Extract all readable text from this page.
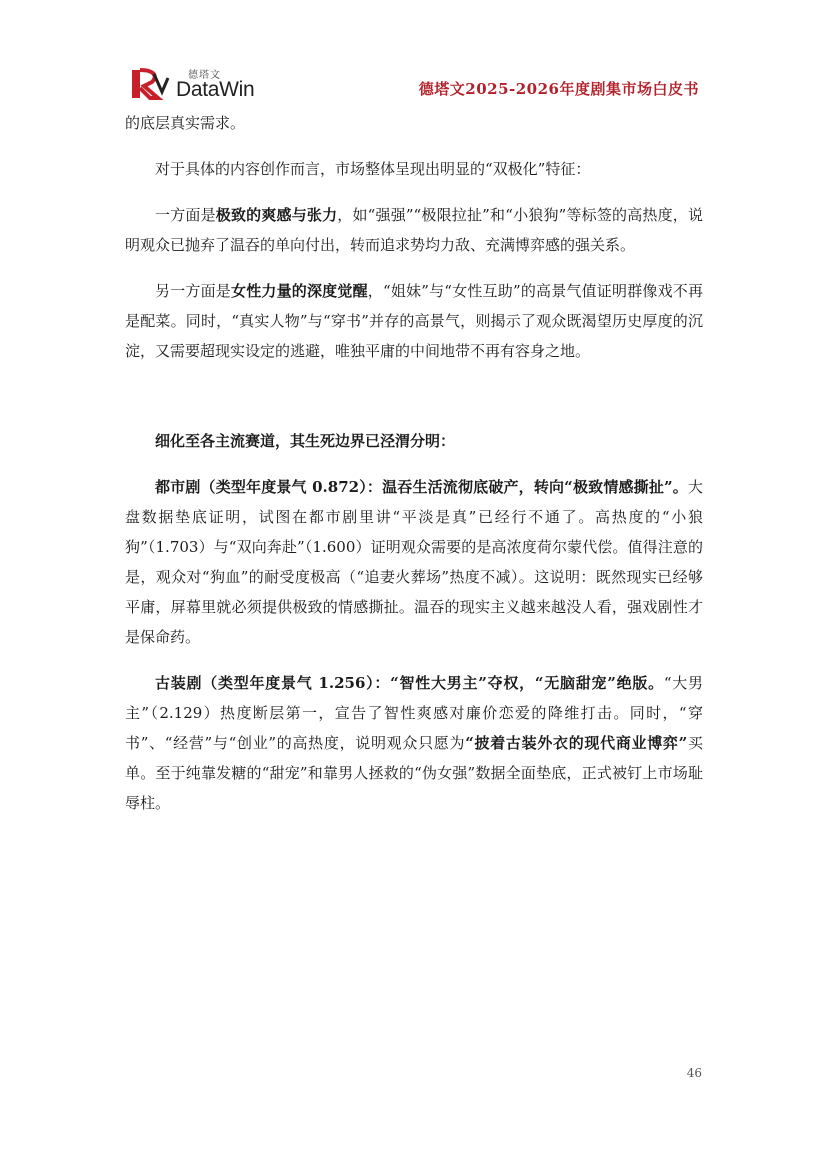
德塔文
DataWin	德塔文2025-2026年度剧集市场白皮书

的底层真实需求。

对于具体的内容创作而言，市场整体呈现出明显的“双极化”特征：

一方面是极致的爽感与张力，如“强强”“极限拉扯”和“小狼狗”等标签的高热度，说明观众已抛弃了温吞的单向付出，转而追求势均力敌、充满博弈感的强关系。

另一方面是女性力量的深度觉醒，“姐妹”与“女性互助”的高景气值证明群像戏不再是配菜。同时，“真实人物”与“穿书”并存的高景气，则揭示了观众既渴望历史厚度的沉淀，又需要超现实设定的逃避，唯独平庸的中间地带不再有容身之地。

细化至各主流赛道，其生死边界已泾渭分明：

都市剧（类型年度景气 0.872）：温吞生活流彻底破产，转向“极致情感撕扯”。大盘数据垫底证明，试图在都市剧里讲“平淡是真”已经行不通了。高热度的“小狼狗”（1.703）与“双向奔赴”（1.600）证明观众需要的是高浓度荷尔蒙代偿。值得注意的是，观众对“狗血”的耐受度极高（“追妻火葬场”热度不减）。这说明：既然现实已经够平庸，屏幕里就必须提供极致的情感撕扯。温吞的现实主义越来越没人看，强戏剧性才是保命药。

古装剧（类型年度景气 1.256）：“智性大男主”夺权，“无脑甜宠”绝版。“大男主”（2.129）热度断层第一，宣告了智性爽感对廉价恋爱的降维打击。同时，“穿书”、“经营”与“创业”的高热度，说明观众只愿为“披着古装外衣的现代商业博弈”买单。至于纯靠发糖的“甜宠”和靠男人拯救的“伪女强”数据全面垫底，正式被钉上市场耻辱柱。

46
